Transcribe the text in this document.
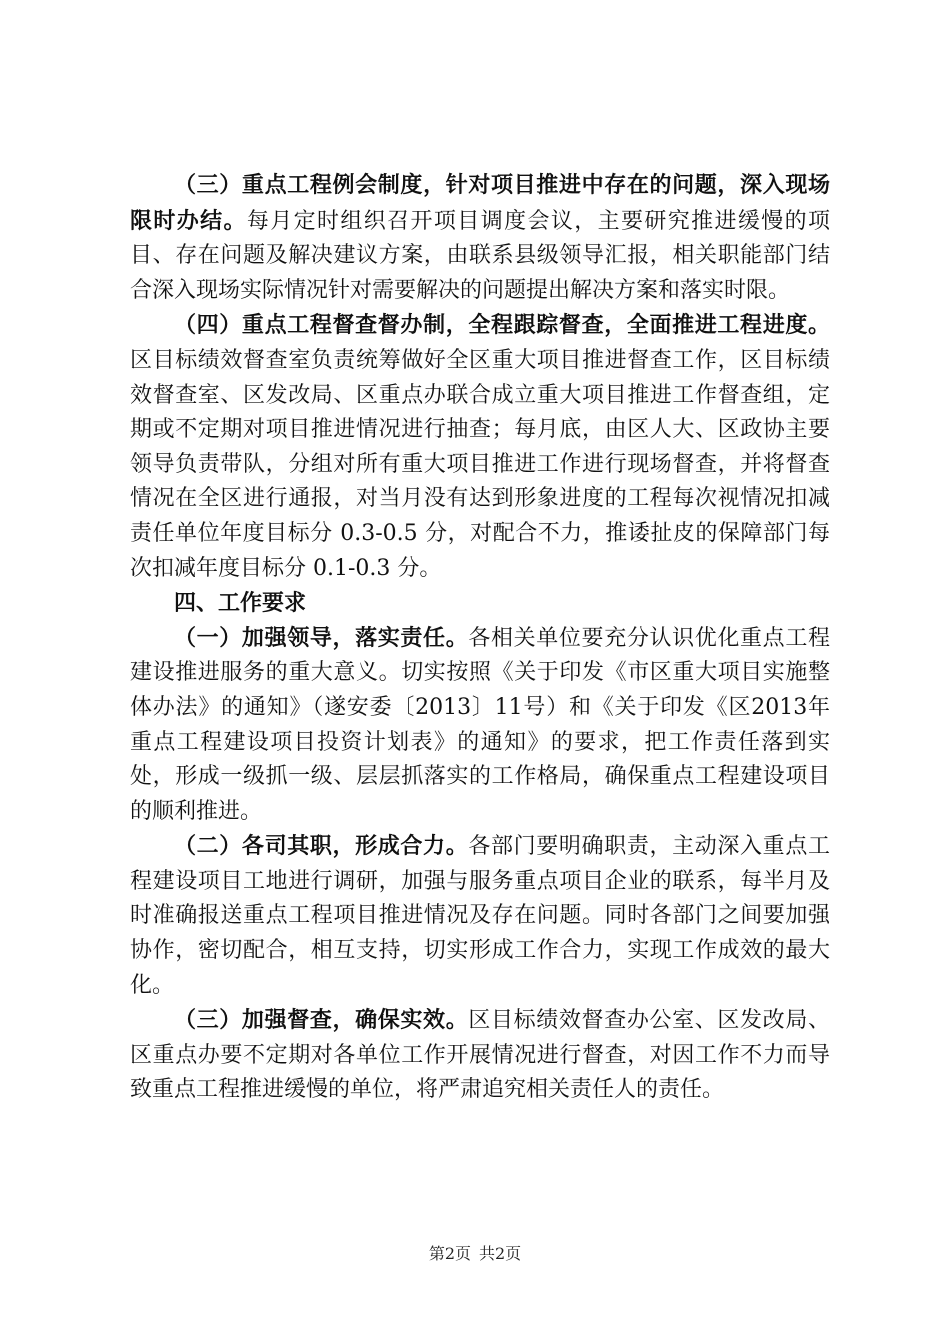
（三）重点工程例会制度，针对项目推进中存在的问题，深入现场限时办结。每月定时组织召开项目调度会议，主要研究推进缓慢的项目、存在问题及解决建议方案，由联系县级领导汇报，相关职能部门结合深入现场实际情况针对需要解决的问题提出解决方案和落实时限。

（四）重点工程督查督办制，全程跟踪督查，全面推进工程进度。区目标绩效督查室负责统筹做好全区重大项目推进督查工作，区目标绩效督查室、区发改局、区重点办联合成立重大项目推进工作督查组，定期或不定期对项目推进情况进行抽查；每月底，由区人大、区政协主要领导负责带队，分组对所有重大项目推进工作进行现场督查，并将督查情况在全区进行通报，对当月没有达到形象进度的工程每次视情况扣减责任单位年度目标分 0.3-0.5 分，对配合不力，推诿扯皮的保障部门每次扣减年度目标分 0.1-0.3 分。

四、工作要求

（一）加强领导，落实责任。各相关单位要充分认识优化重点工程建设推进服务的重大意义。切实按照《关于印发《市区重大项目实施整体办法》的通知》（遂安委〔2013〕11号）和《关于印发《区2013年重点工程建设项目投资计划表》的通知》的要求，把工作责任落到实处，形成一级抓一级、层层抓落实的工作格局，确保重点工程建设项目的顺利推进。

（二）各司其职，形成合力。各部门要明确职责，主动深入重点工程建设项目工地进行调研，加强与服务重点项目企业的联系，每半月及时准确报送重点工程项目推进情况及存在问题。同时各部门之间要加强协作，密切配合，相互支持，切实形成工作合力，实现工作成效的最大化。

（三）加强督查，确保实效。区目标绩效督查办公室、区发改局、区重点办要不定期对各单位工作开展情况进行督查，对因工作不力而导致重点工程推进缓慢的单位，将严肃追究相关责任人的责任。

第2页 共2页
